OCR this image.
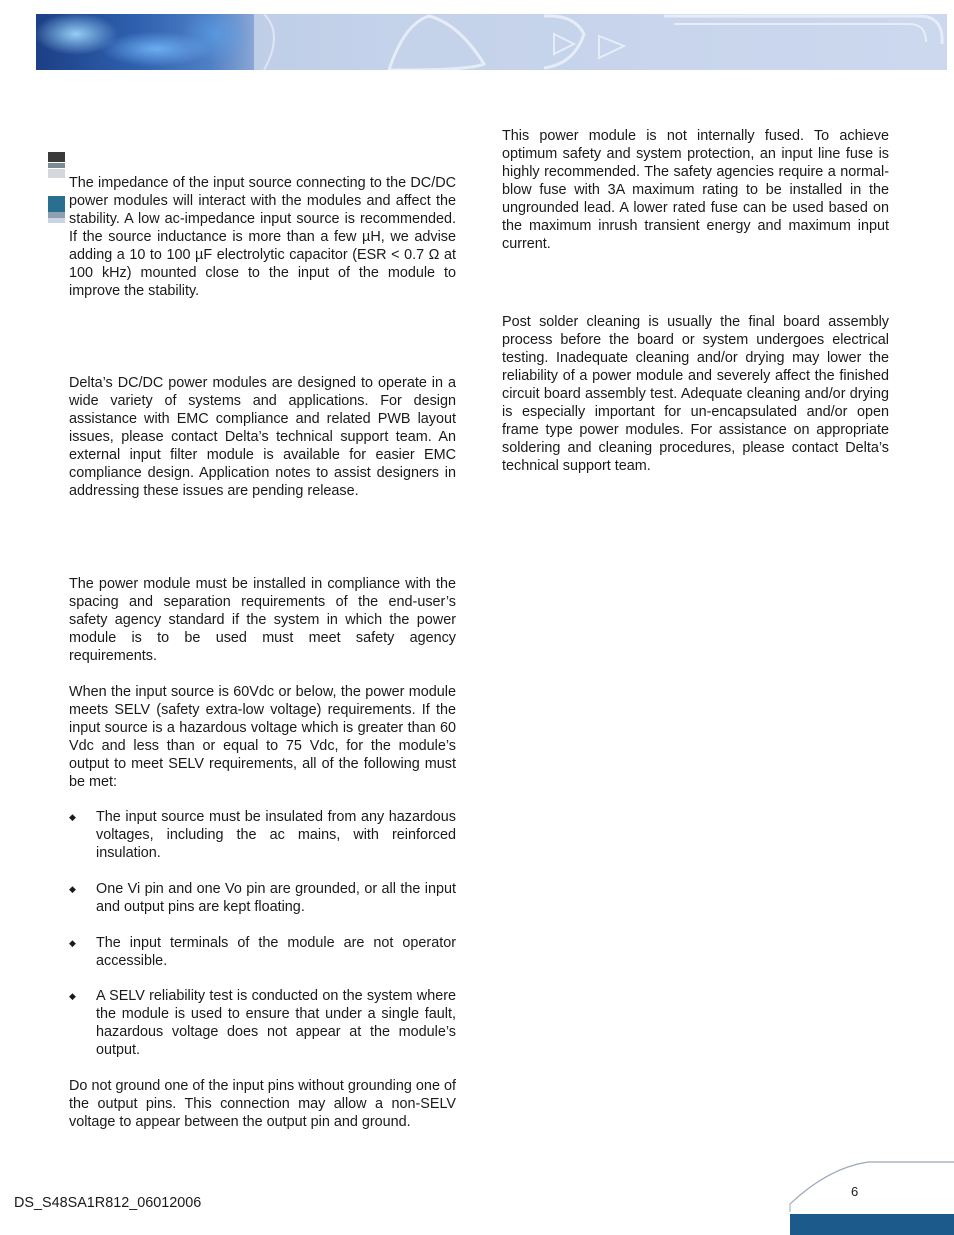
The impedance of the input source connecting to the DC/DC power modules will interact with the modules and affect the stability. A low ac-impedance input source is recommended. If the source inductance is more than a few µH, we advise adding a 10 to 100 µF electrolytic capacitor (ESR < 0.7 Ω at 100 kHz) mounted close to the input of the module to improve the stability.

Delta’s DC/DC power modules are designed to operate in a wide variety of systems and applications. For design assistance with EMC compliance and related PWB layout issues, please contact Delta’s technical support team. An external input filter module is available for easier EMC compliance design. Application notes to assist designers in addressing these issues are pending release.

The power module must be installed in compliance with the spacing and separation requirements of the end-user’s safety agency standard if the system in which the power module is to be used must meet safety agency requirements.

When the input source is 60Vdc or below, the power module meets SELV (safety extra-low voltage) requirements. If the input source is a hazardous voltage which is greater than 60 Vdc and less than or equal to 75 Vdc, for the module’s output to meet SELV requirements, all of the following must be met:

◆ The input source must be insulated from any hazardous voltages, including the ac mains, with reinforced insulation.
◆ One Vi pin and one Vo pin are grounded, or all the input and output pins are kept floating.
◆ The input terminals of the module are not operator accessible.
◆ A SELV reliability test is conducted on the system where the module is used to ensure that under a single fault, hazardous voltage does not appear at the module’s output.

Do not ground one of the input pins without grounding one of the output pins. This connection may allow a non-SELV voltage to appear between the output pin and ground.

This power module is not internally fused. To achieve optimum safety and system protection, an input line fuse is highly recommended. The safety agencies require a normal-blow fuse with 3A maximum rating to be installed in the ungrounded lead. A lower rated fuse can be used based on the maximum inrush transient energy and maximum input current.

Post solder cleaning is usually the final board assembly process before the board or system undergoes electrical testing. Inadequate cleaning and/or drying may lower the reliability of a power module and severely affect the finished circuit board assembly test. Adequate cleaning and/or drying is especially important for un-encapsulated and/or open frame type power modules. For assistance on appropriate soldering and cleaning procedures, please contact Delta’s technical support team.

DS_S48SA1R812_06012006
6
